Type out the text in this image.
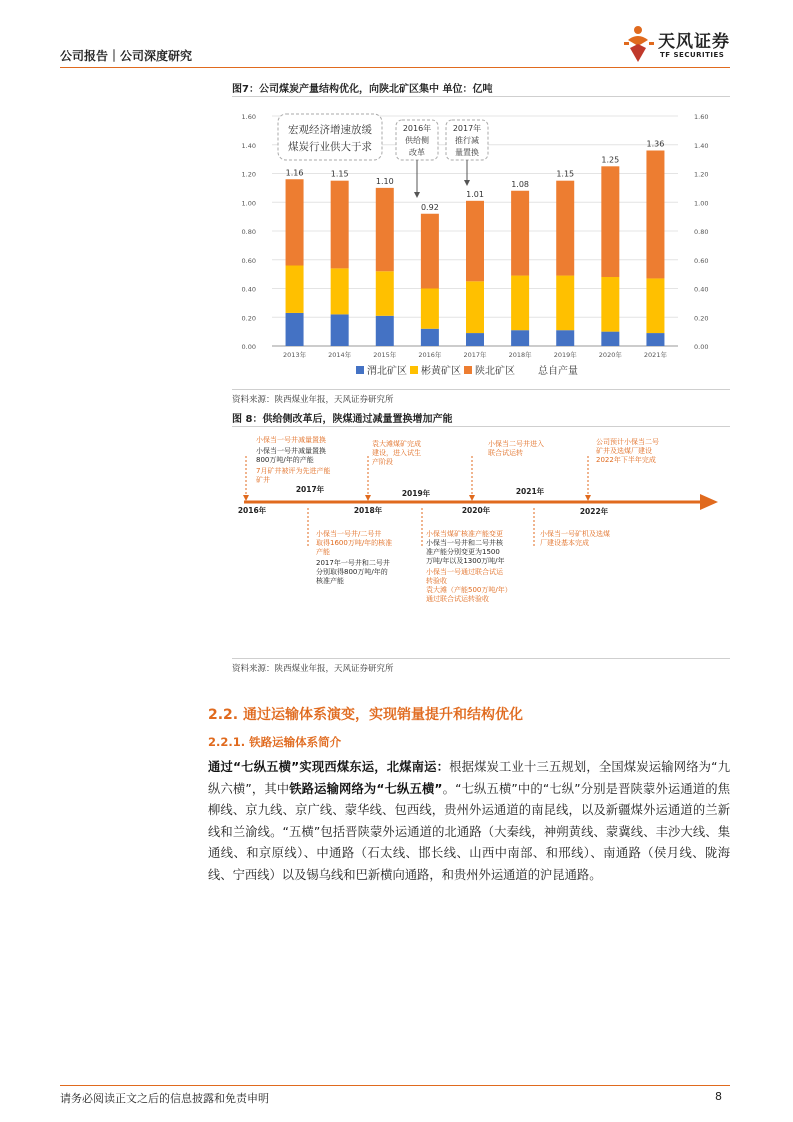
公司报告｜公司深度研究
天风证券
TF SECURITIES
图7：公司煤炭产量结构优化，向陕北矿区集中 单位：亿吨
0.00
0.20
0.40
0.60
0.80
1.00
1.20
1.40
1.60
0.00
0.20
0.40
0.60
0.80
1.00
1.20
1.40
1.60
1.16	1.15
1.10
0.92
1.01
1.08
1.15
1.25
1.36
2013年	2014年	2015年	2016年	2017年	2018年	2019年	2020年	2021年
宏观经济增速放缓
煤炭行业供大于求
2016年
供给侧
改革
2017年
推行减
量置换
渭北矿区 彬黄矿区 陕北矿区 总自产量
资料来源：陕西煤业年报，天风证券研究所
图 8：供给侧改革后，陕煤通过减量置换增加产能
2016年
2017年
2018年
2019年
2020年
2021年
2022年
小保当一号井减量置换
小保当一号井减量置换
800万吨/年的产能
7月矿井被评为先进产能
矿井
袁大滩煤矿完成
建设，进入试生
产阶段
小保当二号井进入
联合试运转
公司预计小保当二号
矿井及选煤厂建设
2022年下半年完成
小保当一号井/二号井
取得1600万吨/年的核准
产能
2017年一号井和二号井
分别取得800万吨/年的
核准产能
小保当煤矿核准产能变更
小保当一号井和二号井核
准产能分别变更为1500
万吨/年以及1300万吨/年
小保当一号通过联合试运
转验收
袁大滩（产能500万吨/年）
通过联合试运转验收
小保当一号矿机及选煤
厂建设基本完成
资料来源：陕西煤业年报，天风证券研究所
2.2. 通过运输体系演变，实现销量提升和结构优化
2.2.1. 铁路运输体系简介
通过“七纵五横”实现西煤东运，北煤南运：根据煤炭工业十三五规划，全国煤炭运输网络为“九纵六横”，其中铁路运输网络为“七纵五横”。“七纵五横”中的“七纵”分别是晋陕蒙外运通道的焦柳线、京九线、京广线、蒙华线、包西线，贵州外运通道的南昆线，以及新疆煤外运通道的兰新线和兰渝线。“五横”包括晋陕蒙外运通道的北通路（大秦线，神朔黄线、蒙冀线、丰沙大线、集通线、和京原线）、中通路（石太线、邯长线、山西中南部、和邢线）、南通路（侯月线、陇海线、宁西线）以及锡乌线和巴新横向通路，和贵州外运通道的沪昆通路。
请务必阅读正文之后的信息披露和免责申明	8
